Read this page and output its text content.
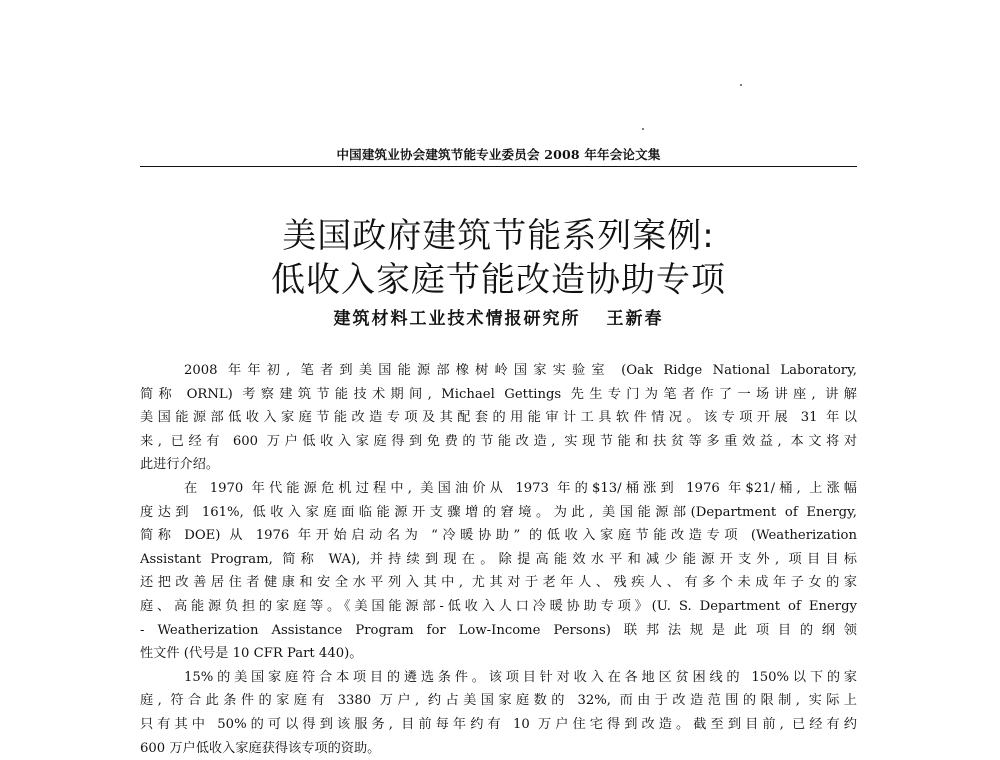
中国建筑业协会建筑节能专业委员会 2008 年年会论文集
美国政府建筑节能系列案例:
低收入家庭节能改造协助专项
建筑材料工业技术情报研究所 王新春
2008 年年初, 笔者到美国能源部橡树岭国家实验室 (Oak Ridge National Laboratory,
简称 ORNL) 考察建筑节能技术期间, Michael Gettings 先生专门为笔者作了一场讲座, 讲解
美国能源部低收入家庭节能改造专项及其配套的用能审计工具软件情况。该专项开展 31 年以
来, 已经有 600 万户低收入家庭得到免费的节能改造, 实现节能和扶贫等多重效益, 本文将对
此进行介绍。
在 1970 年代能源危机过程中, 美国油价从 1973 年的$13/桶涨到 1976 年$21/桶, 上涨幅
度达到 161%, 低收入家庭面临能源开支骤增的窘境。为此, 美国能源部(Department of Energy,
简称 DOE) 从 1976 年开始启动名为 “冷暖协助” 的低收入家庭节能改造专项 (Weatherization
Assistant Program, 简称 WA), 并持续到现在。除提高能效水平和减少能源开支外, 项目目标
还把改善居住者健康和安全水平列入其中, 尤其对于老年人、残疾人、有多个未成年子女的家
庭、高能源负担的家庭等。《美国能源部-低收入人口冷暖协助专项》(U. S. Department of Energy
- Weatherization Assistance Program for Low-Income Persons) 联邦法规是此项目的纲领
性文件 (代号是 10 CFR Part 440)。
15%的美国家庭符合本项目的遴选条件。该项目针对收入在各地区贫困线的 150%以下的家
庭, 符合此条件的家庭有 3380 万户, 约占美国家庭数的 32%, 而由于改造范围的限制, 实际上
只有其中 50%的可以得到该服务, 目前每年约有 10 万户住宅得到改造。截至到目前, 已经有约
600 万户低收入家庭获得该专项的资助。
